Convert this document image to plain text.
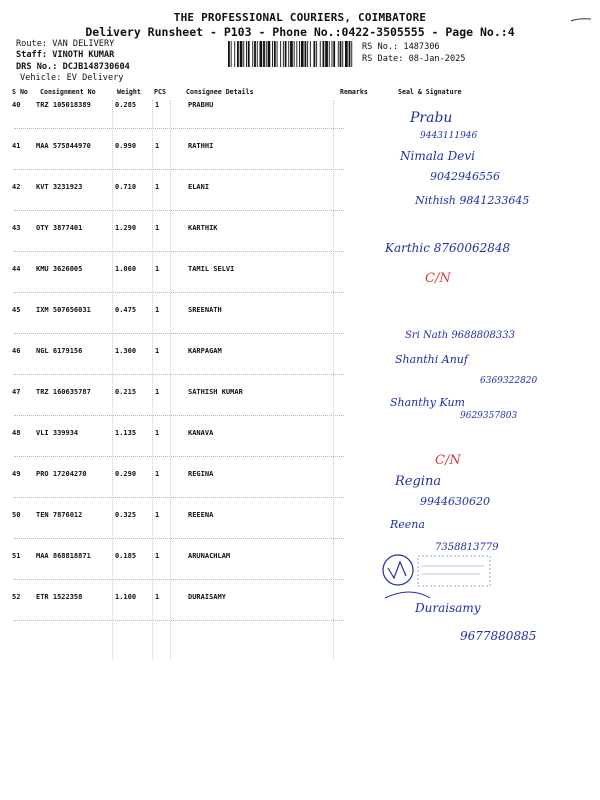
THE PROFESSIONAL COURIERS, COIMBATORE
Delivery Runsheet - P103 - Phone No.:0422-3505555 - Page No.:4
Route: VAN DELIVERY
Staff: VINOTH KUMAR
DRS No.: DCJB148730604
Vehicle: EV Delivery
RS No.: 1487306
RS Date: 08-Jan-2025
S No Consignment No	Weight PCS	Consignee Details	Remarks	Seal & Signature
40 TRZ 105018389	0.285	1	PRABHU
41 MAA 575844970	0.990	1	RATHHI
42 KVT 3231923	0.710	1	ELANI
43 OTY 3877401	1.290	1	KARTHIK
44 KMU 3626005	1.060	1	TAMIL SELVI
45 IXM 507656031	0.475	1	SREENATH
46 NGL 6179156	1.300	1	KARPAGAM
47 TRZ 160635787	0.215	1	SATHISH KUMAR
48 VLI 339934	1.135	1	KANAVA
49 PRO 17204270	0.290	1	REGINA
50 TEN 7876012	0.325	1	REEENA
51 MAA 868818871	0.185	1	ARUNACHLAM
52 ETR 1522358	1.100	1	DURAISAMY
Prabu
9443111946
Nimala Devi
9042946556
Nithish 9841233645
Karthic 8760062848
C/N
Sri Nath 9688808333
Shanthi Anuf
6369322820
Shanthy Kum
9629357803
C/N
Regina
9944630620
Reena
7358813779
Duraisamy
9677880885
